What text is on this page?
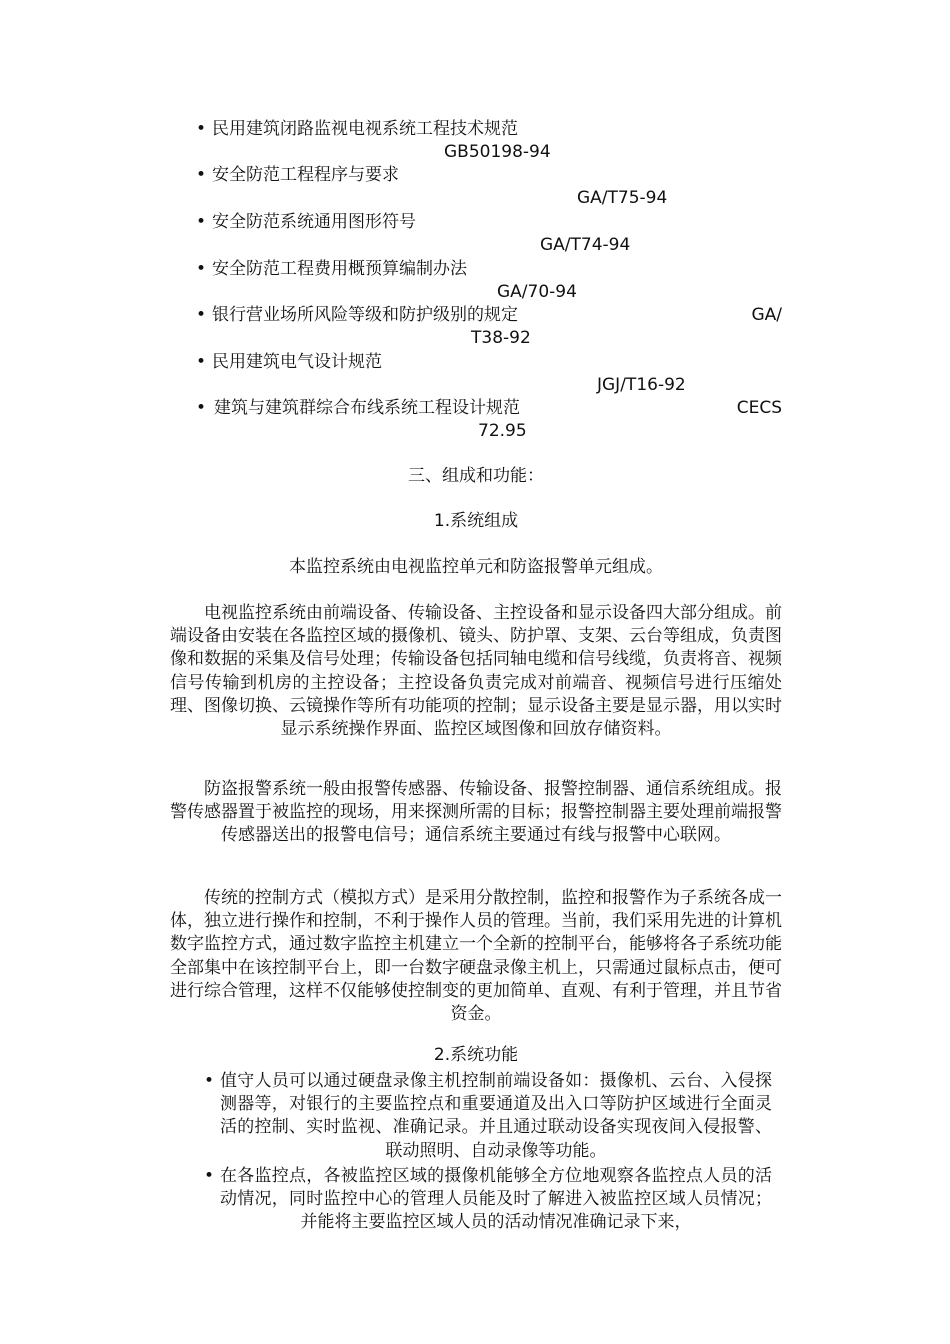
• 民用建筑闭路监视电视系统工程技术规范
GB50198-94
• 安全防范工程程序与要求
GA/T75-94
• 安全防范系统通用图形符号
GA/T74-94
• 安全防范工程费用概预算编制办法
GA/70-94
• 银行营业场所风险等级和防护级别的规定	GA/
T38-92
• 民用建筑电气设计规范
JGJ/T16-92
• 建筑与建筑群综合布线系统工程设计规范	CECS
72.95
三、组成和功能：
1.系统组成
本监控系统由电视监控单元和防盗报警单元组成。
电视监控系统由前端设备、传输设备、主控设备和显示设备四大部分组成。前端设备由安装在各监控区域的摄像机、镜头、防护罩、支架、云台等组成，负责图像和数据的采集及信号处理；传输设备包括同轴电缆和信号线缆，负责将音、视频信号传输到机房的主控设备；主控设备负责完成对前端音、视频信号进行压缩处理、图像切换、云镜操作等所有功能项的控制；显示设备主要是显示器，用以实时显示系统操作界面、监控区域图像和回放存储资料。
防盗报警系统一般由报警传感器、传输设备、报警控制器、通信系统组成。报警传感器置于被监控的现场，用来探测所需的目标；报警控制器主要处理前端报警传感器送出的报警电信号；通信系统主要通过有线与报警中心联网。
传统的控制方式（模拟方式）是采用分散控制，监控和报警作为子系统各成一体，独立进行操作和控制，不利于操作人员的管理。当前，我们采用先进的计算机数字监控方式，通过数字监控主机建立一个全新的控制平台，能够将各子系统功能全部集中在该控制平台上，即一台数字硬盘录像主机上，只需通过鼠标点击，便可进行综合管理，这样不仅能够使控制变的更加简单、直观、有利于管理，并且节省资金。
2.系统功能
• 值守人员可以通过硬盘录像主机控制前端设备如：摄像机、云台、入侵探测器等，对银行的主要监控点和重要通道及出入口等防护区域进行全面灵活的控制、实时监视、准确记录。并且通过联动设备实现夜间入侵报警、联动照明、自动录像等功能。
• 在各监控点，各被监控区域的摄像机能够全方位地观察各监控点人员的活动情况，同时监控中心的管理人员能及时了解进入被监控区域人员情况；并能将主要监控区域人员的活动情况准确记录下来，
